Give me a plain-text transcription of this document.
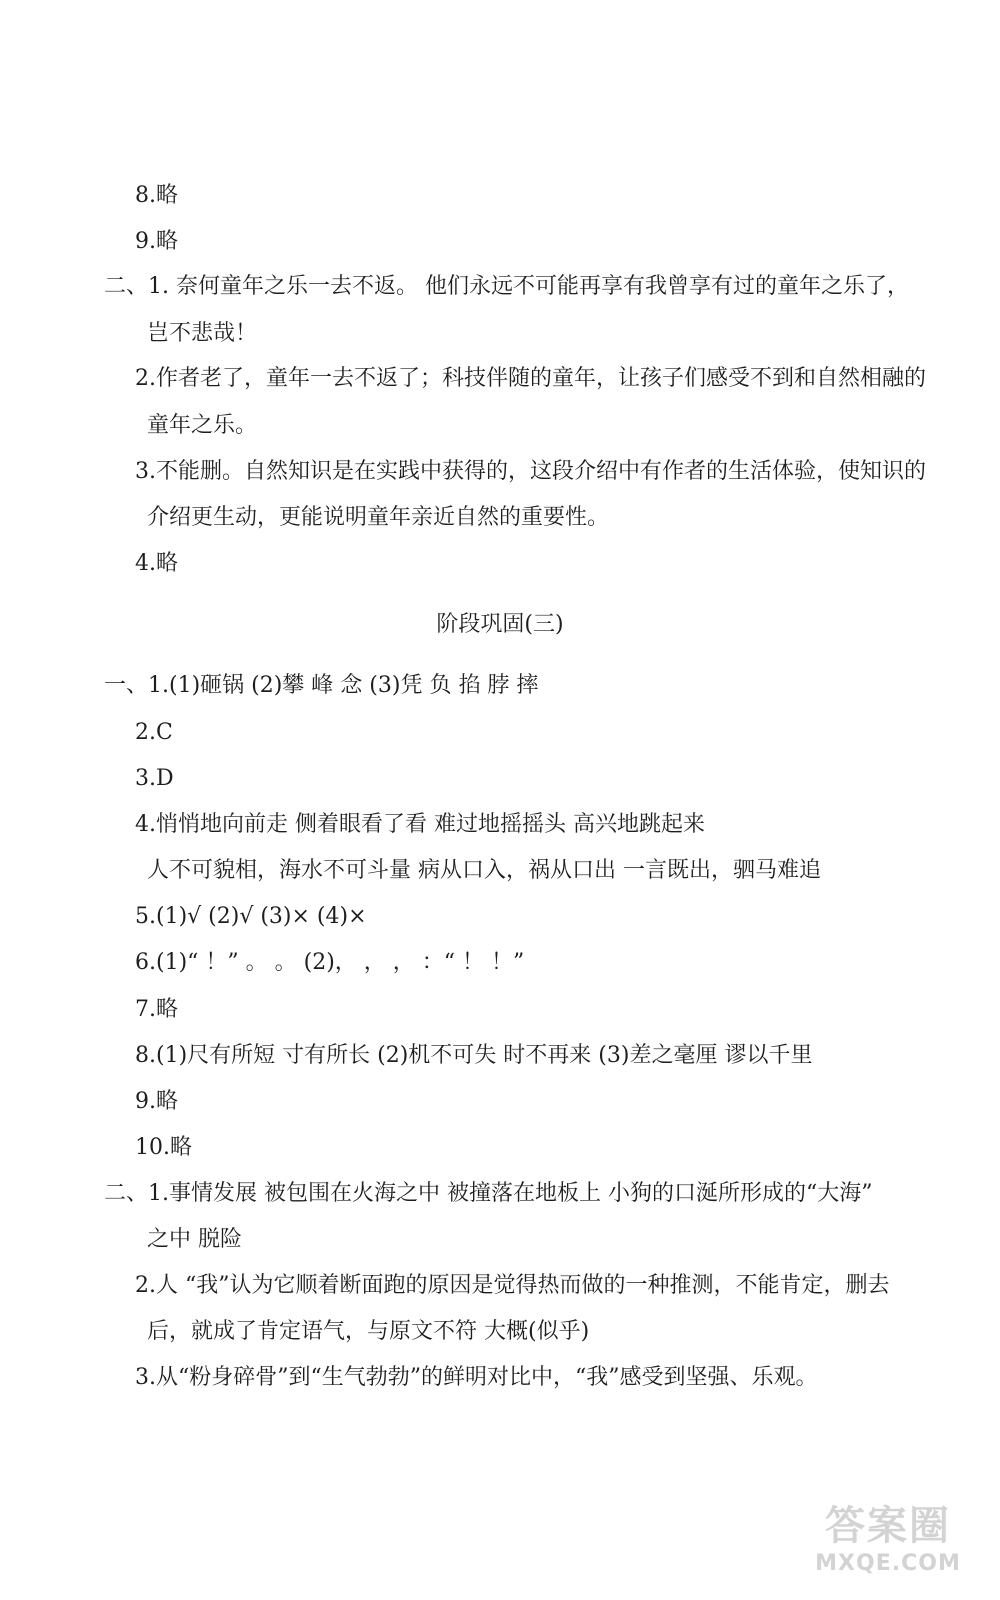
8.略
9.略
二、1. 奈何童年之乐一去不返。 他们永远不可能再享有我曾享有过的童年之乐了，
岂不悲哉！
2.作者老了，童年一去不返了；科技伴随的童年，让孩子们感受不到和自然相融的
童年之乐。
3.不能删。自然知识是在实践中获得的，这段介绍中有作者的生活体验，使知识的
介绍更生动，更能说明童年亲近自然的重要性。
4.略
阶段巩固(三)
一、1.(1)砸锅 (2)攀 峰 念 (3)凭 负 掐 脖 摔
2.C
3.D
4.悄悄地向前走 侧着眼看了看 难过地摇摇头 高兴地跳起来
人不可貌相，海水不可斗量 病从口入，祸从口出 一言既出，驷马难追
5.(1)√ (2)√ (3)× (4)×
6.(1)“ ！” 。 。 (2)， ， ， ：“ ！ ！”
7.略
8.(1)尺有所短 寸有所长 (2)机不可失 时不再来 (3)差之毫厘 谬以千里
9.略
10.略
二、1.事情发展 被包围在火海之中 被撞落在地板上 小狗的口涎所形成的“大海”
之中 脱险
2.人 “我”认为它顺着断面跑的原因是觉得热而做的一种推测，不能肯定，删去
后，就成了肯定语气，与原文不符 大概(似乎)
3.从“粉身碎骨”到“生气勃勃”的鲜明对比中，“我”感受到坚强、乐观。
答案圈
MXQE.COM
